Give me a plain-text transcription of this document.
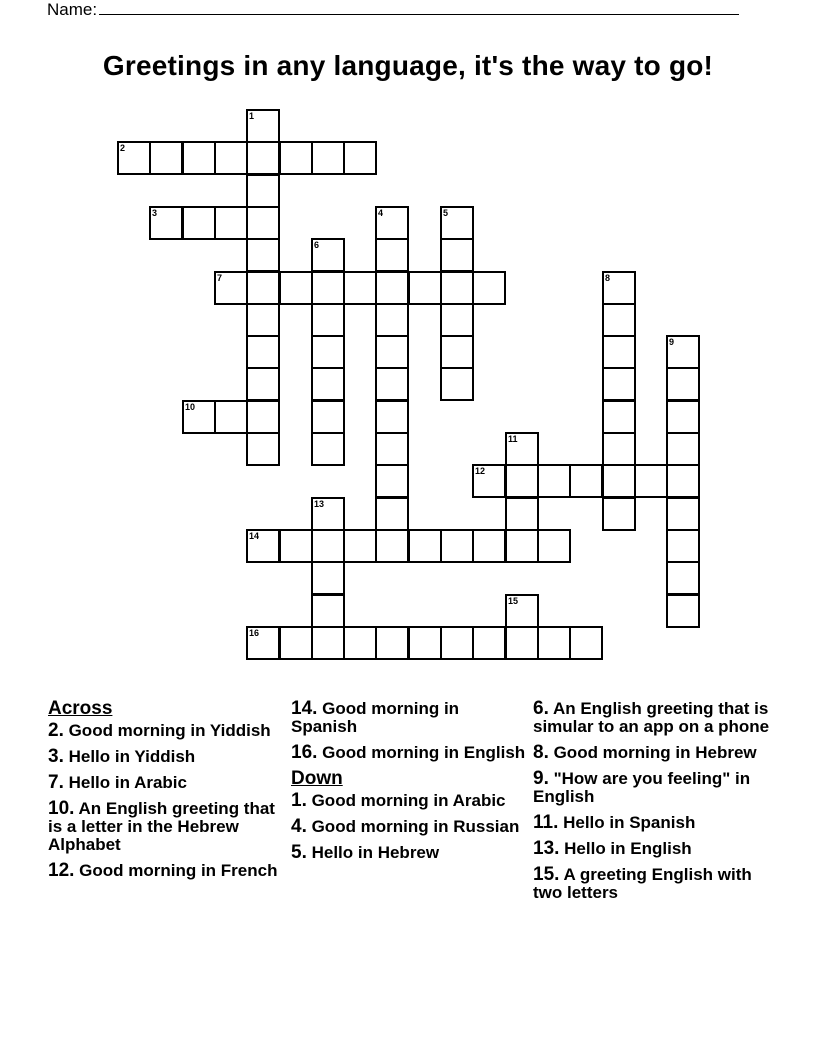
Name:
Greetings in any language, it's the way to go!
1
2
3	4	5
6
7	8
9
10
11
12
13
14
15
16
Across
2. Good morning in Yiddish
3. Hello in Yiddish
7. Hello in Arabic
10. An English greeting that is a letter in the Hebrew Alphabet
12. Good morning in French
14. Good morning in Spanish
16. Good morning in English
Down
1. Good morning in Arabic
4. Good morning in Russian
5. Hello in Hebrew
6. An English greeting that is simular to an app on a phone
8. Good morning in Hebrew
9. "How are you feeling" in English
11. Hello in Spanish
13. Hello in English
15. A greeting English with two letters
